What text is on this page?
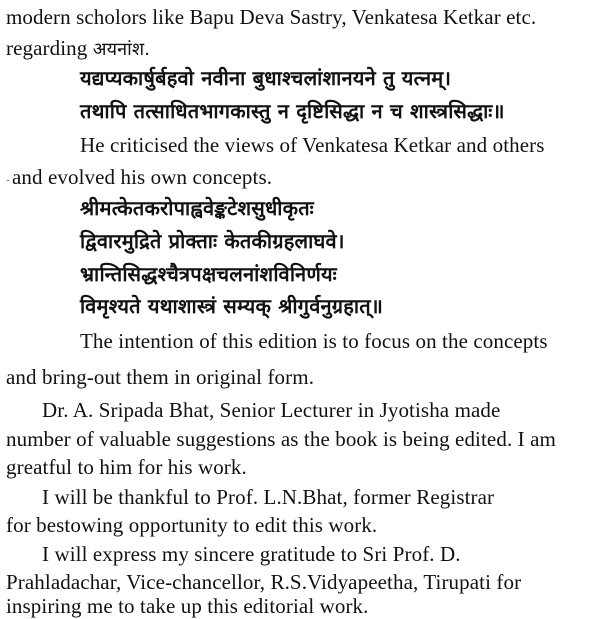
modern scholors like Bapu Deva Sastry, Venkatesa Ketkar etc.
regarding अयनांश.
यद्यप्यकार्षुर्बहवो नवीना बुधाश्चलांशानयने तु यत्नम्।
तथापि तत्साधितभागकास्तु न दृष्टिसिद्धा न च शास्त्रसिद्धाः॥
He criticised the views of Venkatesa Ketkar and others
· and evolved his own concepts.
श्रीमत्केतकरोपाह्ववेङ्कटेशसुधीकृतः
द्विवारमुद्रिते प्रोक्ताः केतकीग्रहलाघवे।
भ्रान्तिसिद्धश्चैत्रपक्षचलनांशविनिर्णयः
विमृश्यते यथाशास्त्रं सम्यक् श्रीगुर्वनुग्रहात्॥
The intention of this edition is to focus on the concepts
and bring-out them in original form.
Dr. A. Sripada Bhat, Senior Lecturer in Jyotisha made
number of valuable suggestions as the book is being edited. I am
greatful to him for his work.
I will be thankful to Prof. L.N.Bhat, former Registrar
for bestowing opportunity to edit this work.
I will express my sincere gratitude to Sri Prof. D.
Prahladachar, Vice-chancellor, R.S.Vidyapeetha, Tirupati for
inspiring me to take up this editorial work.
